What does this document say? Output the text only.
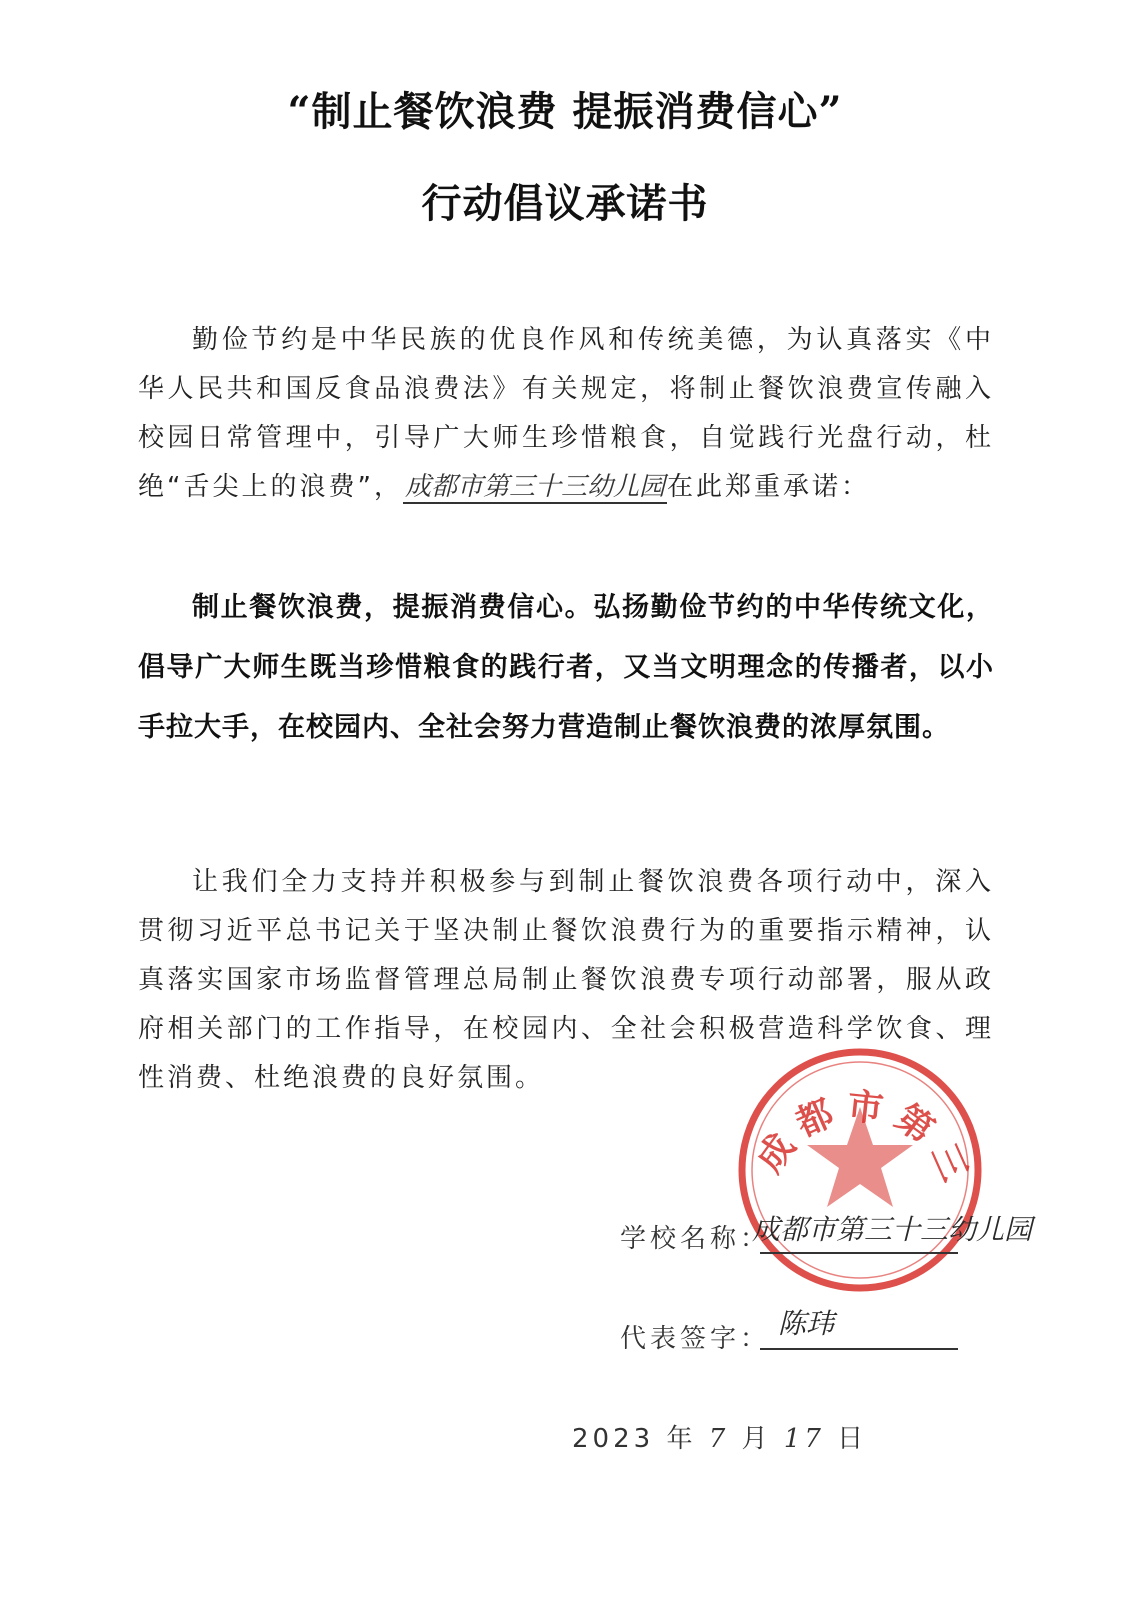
“制止餐饮浪费 提振消费信心”
行动倡议承诺书

勤俭节约是中华民族的优良作风和传统美德，为认真落实《中华人民共和国反食品浪费法》有关规定，将制止餐饮浪费宣传融入校园日常管理中，引导广大师生珍惜粮食，自觉践行光盘行动，杜绝“舌尖上的浪费”，成都市第三十三幼儿园在此郑重承诺：

制止餐饮浪费，提振消费信心。弘扬勤俭节约的中华传统文化，倡导广大师生既当珍惜粮食的践行者，又当文明理念的传播者，以小手拉大手，在校园内、全社会努力营造制止餐饮浪费的浓厚氛围。

让我们全力支持并积极参与到制止餐饮浪费各项行动中，深入贯彻习近平总书记关于坚决制止餐饮浪费行为的重要指示精神，认真落实国家市场监督管理总局制止餐饮浪费专项行动部署，服从政府相关部门的工作指导，在校园内、全社会积极营造科学饮食、理性消费、杜绝浪费的良好氛围。

成都市第三
学校名称：
成都市第三十三幼儿园
代表签字： 陈玮
2023 年 7 月 17 日
